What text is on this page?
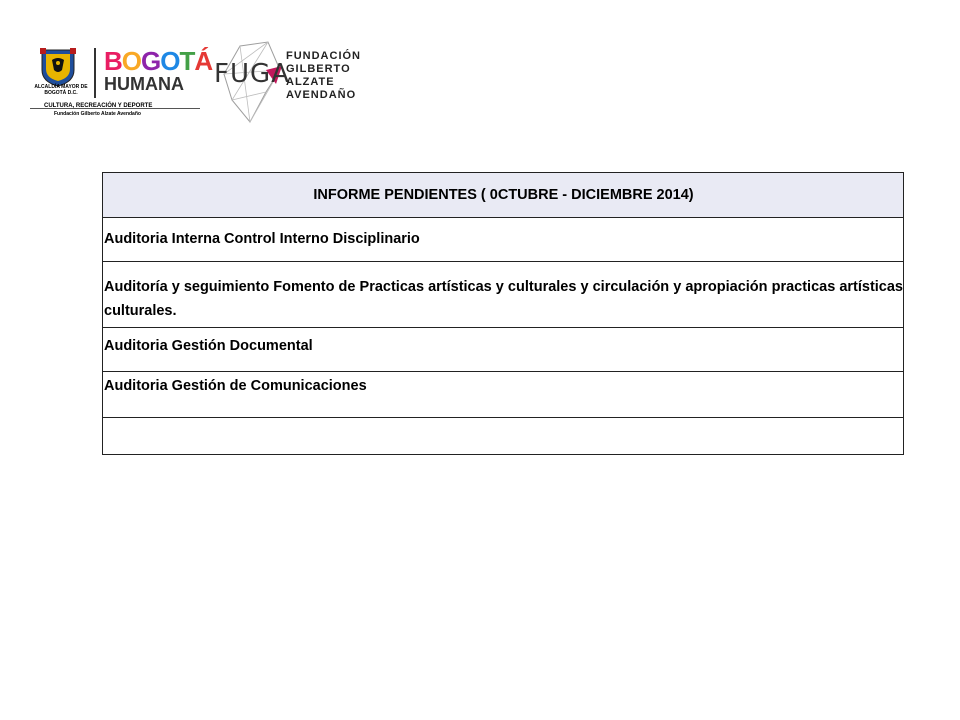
ALCALDÍA MAYOR DE BOGOTÁ D.C.
BOGOTÁ
HUMANA
CULTURA, RECREACIÓN Y DEPORTE
Fundación Gilberto Alzate Avendaño
FUGA
FUNDACIÓN
GILBERTO
ALZATE
AVENDAÑO
INFORME PENDIENTES ( 0CTUBRE - DICIEMBRE 2014)
Auditoria Interna Control Interno Disciplinario
Auditoría y seguimiento Fomento de Practicas artísticas y culturales y circulación y apropiación practicas artísticas culturales.
Auditoria Gestión Documental
Auditoria Gestión de Comunicaciones
